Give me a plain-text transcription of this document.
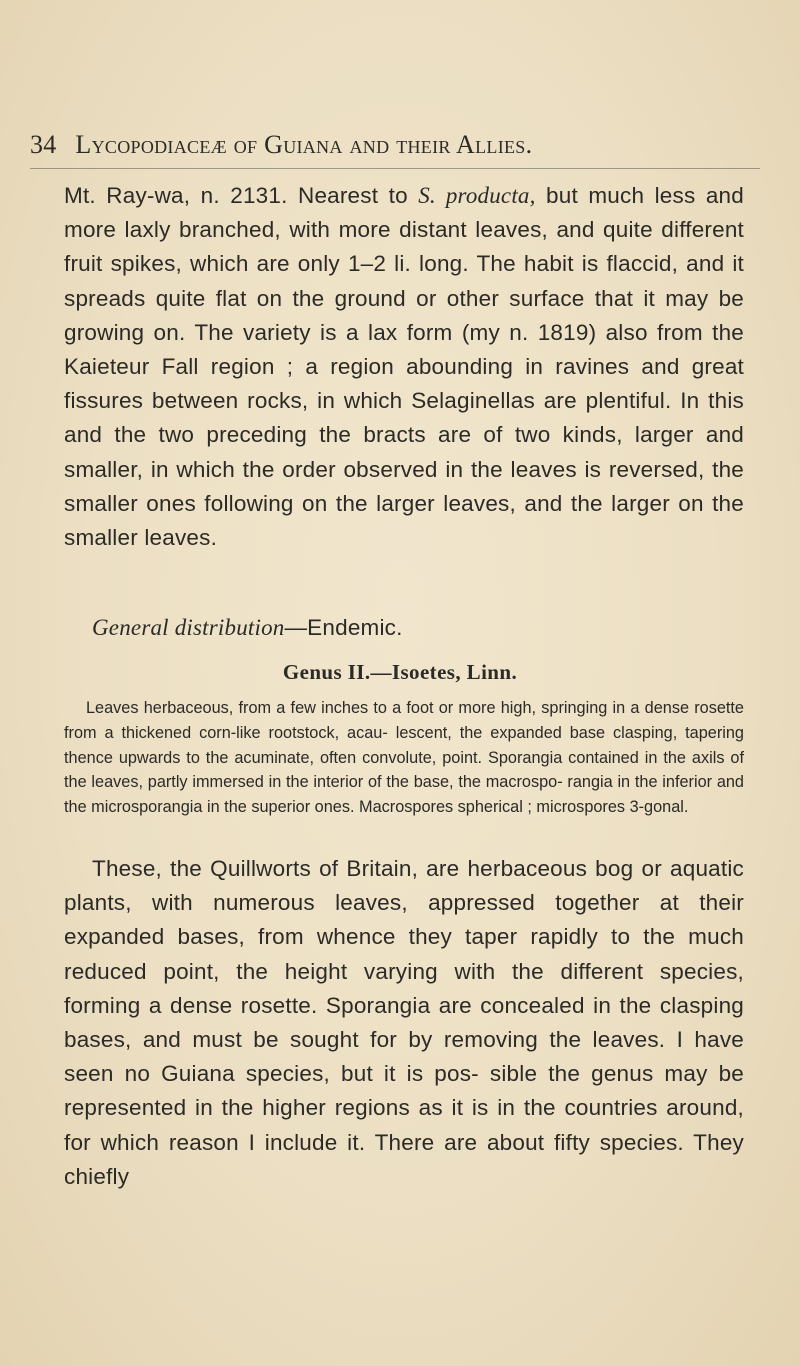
34 Lycopodiaceæ of Guiana and their Allies.
Mt. Ray-wa, n. 2131. Nearest to S. producta, but much less and more laxly branched, with more distant leaves, and quite different fruit spikes, which are only 1–2 li. long. The habit is flaccid, and it spreads quite flat on the ground or other surface that it may be growing on. The variety is a lax form (my n. 1819) also from the Kaieteur Fall region ; a region abounding in ravines and great fissures between rocks, in which Selaginellas are plentiful. In this and the two preceding the bracts are of two kinds, larger and smaller, in which the order observed in the leaves is reversed, the smaller ones following on the larger leaves, and the larger on the smaller leaves.
General distribution—Endemic.
Genus II.—Isoetes, Linn.
Leaves herbaceous, from a few inches to a foot or more high, springing in a dense rosette from a thickened corn-like rootstock, acau- lescent, the expanded base clasping, tapering thence upwards to the acuminate, often convolute, point. Sporangia contained in the axils of the leaves, partly immersed in the interior of the base, the macrospo- rangia in the inferior and the microsporangia in the superior ones. Macrospores spherical ; microspores 3-gonal.
These, the Quillworts of Britain, are herbaceous bog or aquatic plants, with numerous leaves, appressed together at their expanded bases, from whence they taper rapidly to the much reduced point, the height varying with the different species, forming a dense rosette. Sporangia are concealed in the clasping bases, and must be sought for by removing the leaves. I have seen no Guiana species, but it is pos- sible the genus may be represented in the higher regions as it is in the countries around, for which reason I include it. There are about fifty species. They chiefly
